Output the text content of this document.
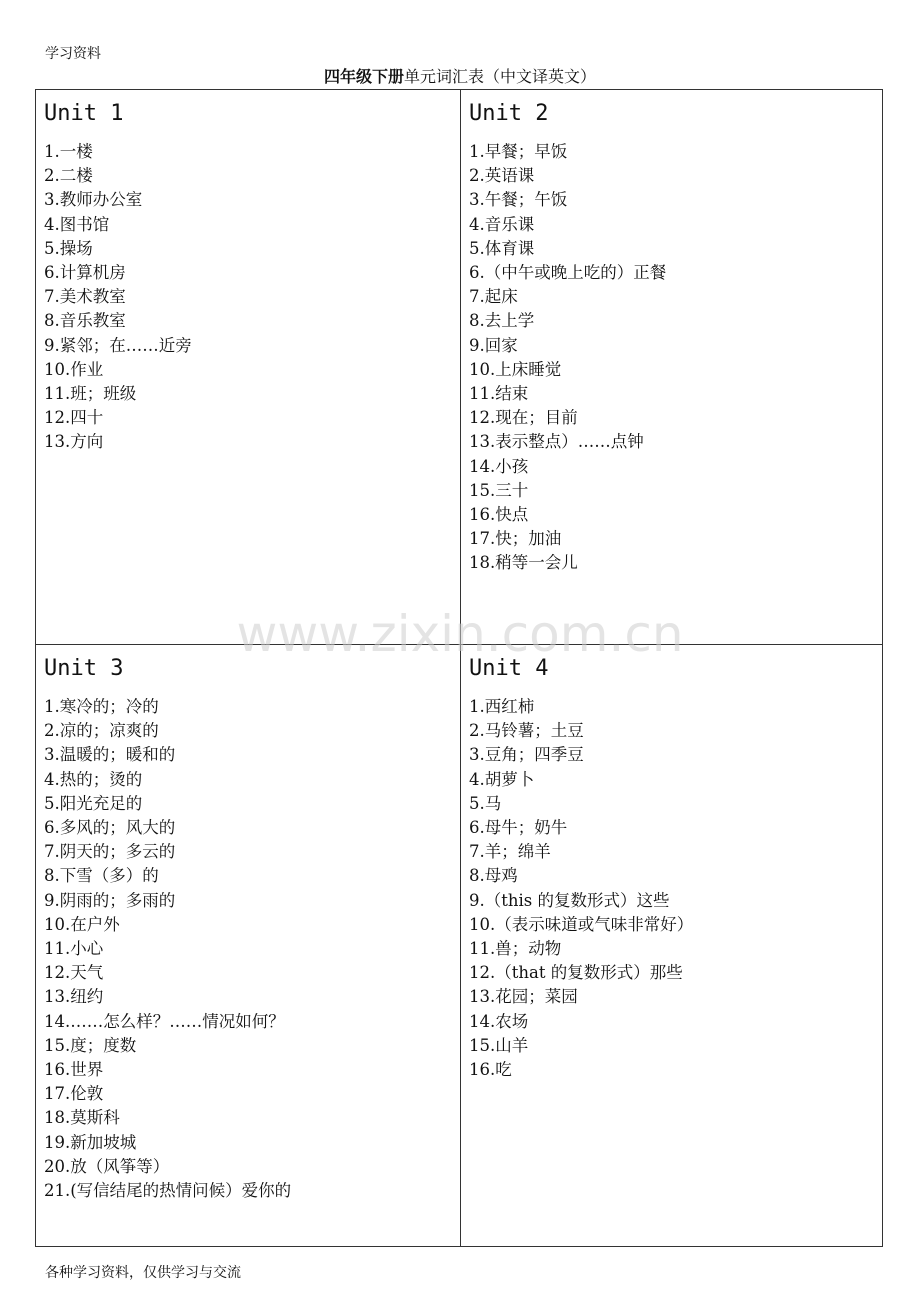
学习资料
四年级下册单元词汇表（中文译英文）
Unit 1
1.一楼
2.二楼
3.教师办公室
4.图书馆
5.操场
6.计算机房
7.美术教室
8.音乐教室
9.紧邻；在……近旁
10.作业
11.班；班级
12.四十
13.方向
Unit 2
1.早餐；早饭
2.英语课
3.午餐；午饭
4.音乐课
5.体育课
6.（中午或晚上吃的）正餐
7.起床
8.去上学
9.回家
10.上床睡觉
11.结束
12.现在；目前
13.表示整点）……点钟
14.小孩
15.三十
16.快点
17.快；加油
18.稍等一会儿
Unit 3
1.寒冷的；冷的
2.凉的；凉爽的
3.温暖的；暖和的
4.热的；烫的
5.阳光充足的
6.多风的；风大的
7.阴天的；多云的
8.下雪（多）的
9.阴雨的；多雨的
10.在户外
11.小心
12.天气
13.纽约
14.……怎么样？……情况如何？
15.度；度数
16.世界
17.伦敦
18.莫斯科
19.新加坡城
20.放（风筝等）
21.(写信结尾的热情问候）爱你的
Unit 4
1.西红柿
2.马铃薯；土豆
3.豆角；四季豆
4.胡萝卜
5.马
6.母牛；奶牛
7.羊；绵羊
8.母鸡
9.（this 的复数形式）这些
10.（表示味道或气味非常好）
11.兽；动物
12.（that 的复数形式）那些
13.花园；菜园
14.农场
15.山羊
16.吃
www.zixin.com.cn
各种学习资料，仅供学习与交流
